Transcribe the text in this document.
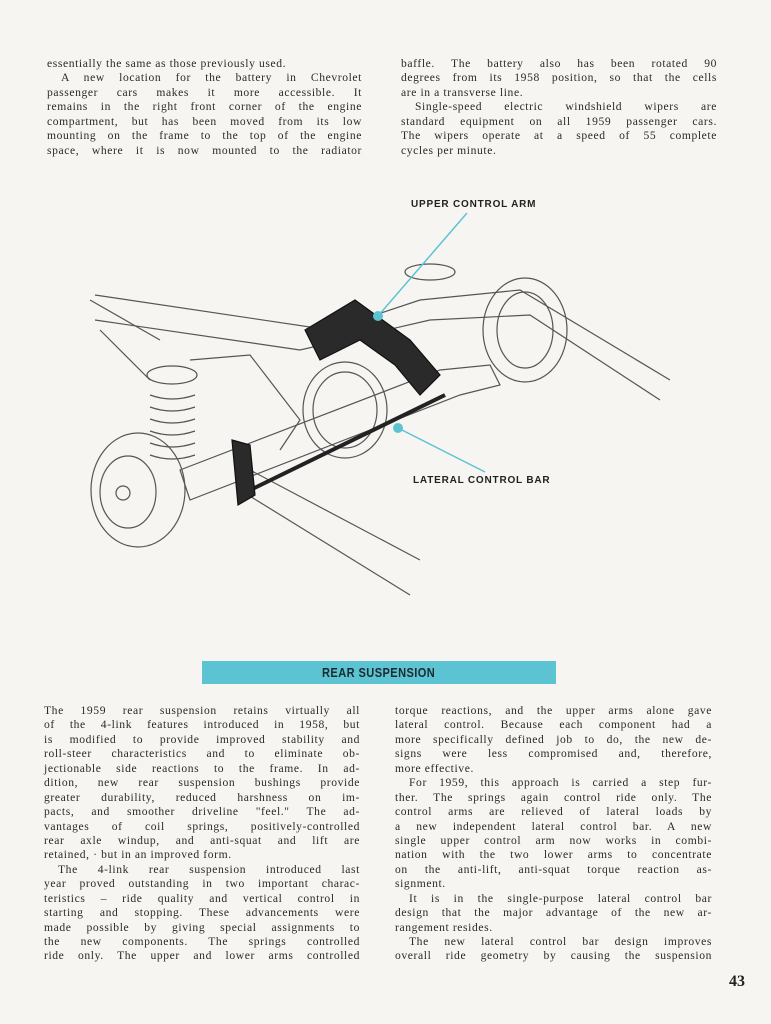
essentially the same as those previously used.
A new location for the battery in Chevrolet
passenger cars makes it more accessible. It
remains in the right front corner of the engine
compartment, but has been moved from its low
mounting on the frame to the top of the engine
space, where it is now mounted to the radiator
baffle. The battery also has been rotated 90
degrees from its 1958 position, so that the cells
are in a transverse line.
Single-speed electric windshield wipers are
standard equipment on all 1959 passenger cars.
The wipers operate at a speed of 55 complete
cycles per minute.
UPPER CONTROL ARM
LATERAL CONTROL BAR
REAR SUSPENSION
The 1959 rear suspension retains virtually all
of the 4-link features introduced in 1958, but
is modified to provide improved stability and
roll-steer characteristics and to eliminate ob-
jectionable side reactions to the frame. In ad-
dition, new rear suspension bushings provide
greater durability, reduced harshness on im-
pacts, and smoother driveline "feel." The ad-
vantages of coil springs, positively-controlled
rear axle windup, and anti-squat and lift are
retained, · but in an improved form.
The 4-link rear suspension introduced last
year proved outstanding in two important charac-
teristics – ride quality and vertical control in
starting and stopping. These advancements were
made possible by giving special assignments to
the new components. The springs controlled
ride only. The upper and lower arms controlled
torque reactions, and the upper arms alone gave
lateral control. Because each component had a
more specifically defined job to do, the new de-
signs were less compromised and, therefore,
more effective.
For 1959, this approach is carried a step fur-
ther. The springs again control ride only. The
control arms are relieved of lateral loads by
a new independent lateral control bar. A new
single upper control arm now works in combi-
nation with the two lower arms to concentrate
on the anti-lift, anti-squat torque reaction as-
signment.
It is in the single-purpose lateral control bar
design that the major advantage of the new ar-
rangement resides.
The new lateral control bar design improves
overall ride geometry by causing the suspension
43
